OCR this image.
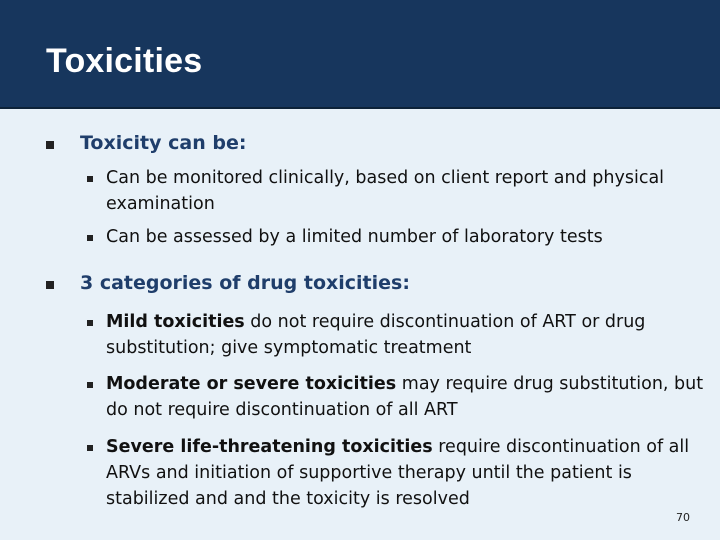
Toxicities
Toxicity can be:
Can be monitored clinically, based on client report and physical examination
Can be assessed by a limited number of laboratory tests
3 categories of drug toxicities:
Mild toxicities do not require discontinuation of ART or drug substitution; give symptomatic treatment
Moderate or severe toxicities may require drug substitution, but do not require discontinuation of all ART
Severe life-threatening toxicities require discontinuation of all ARVs and initiation of supportive therapy until the patient is stabilized and and the toxicity is resolved
70
